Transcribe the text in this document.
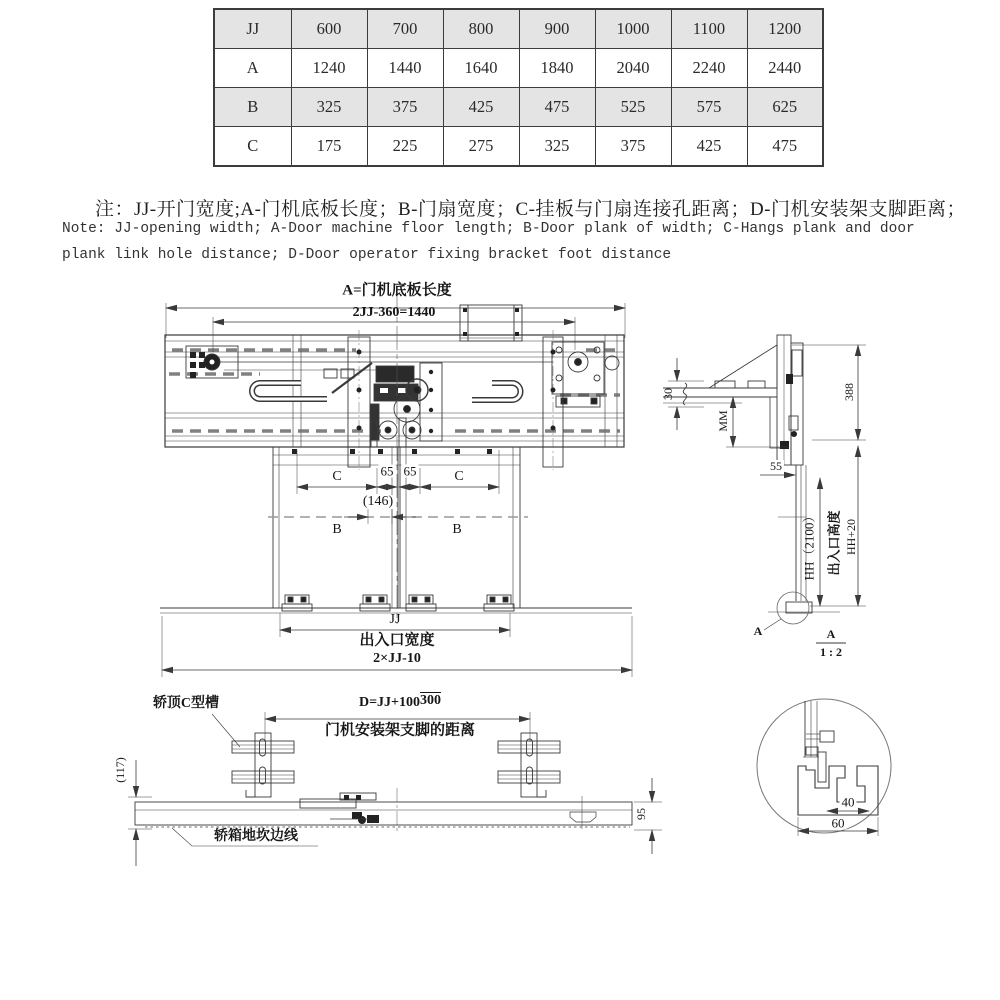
JJ	600	700	800	900	1000	1100	1200
A	1240	1440	1640	1840	2040	2240	2440
B	325	375	425	475	525	575	625
C	175	225	275	325	375	425	475
注：JJ-开门宽度;A-门机底板长度；B-门扇宽度；C-挂板与门扇连接孔距离；D-门机安装架支脚距离；
Note: JJ-opening width; A-Door machine floor length; B-Door plank of width; C-Hangs plank and door
plank link hole distance; D-Door operator fixing bracket foot distance
A=门机底板长度
2JJ-360=1440
C	65 65	C
(146)
B	B
JJ
出入口宽度
2×JJ-10
30
MM
388
55
HH（2100） 出入口高度 HH+20
A	A
1 : 2
轿顶C型槽	D=JJ+100300
门机安装架支脚的距离
(117)
95
轿箱地坎边线
40
60
